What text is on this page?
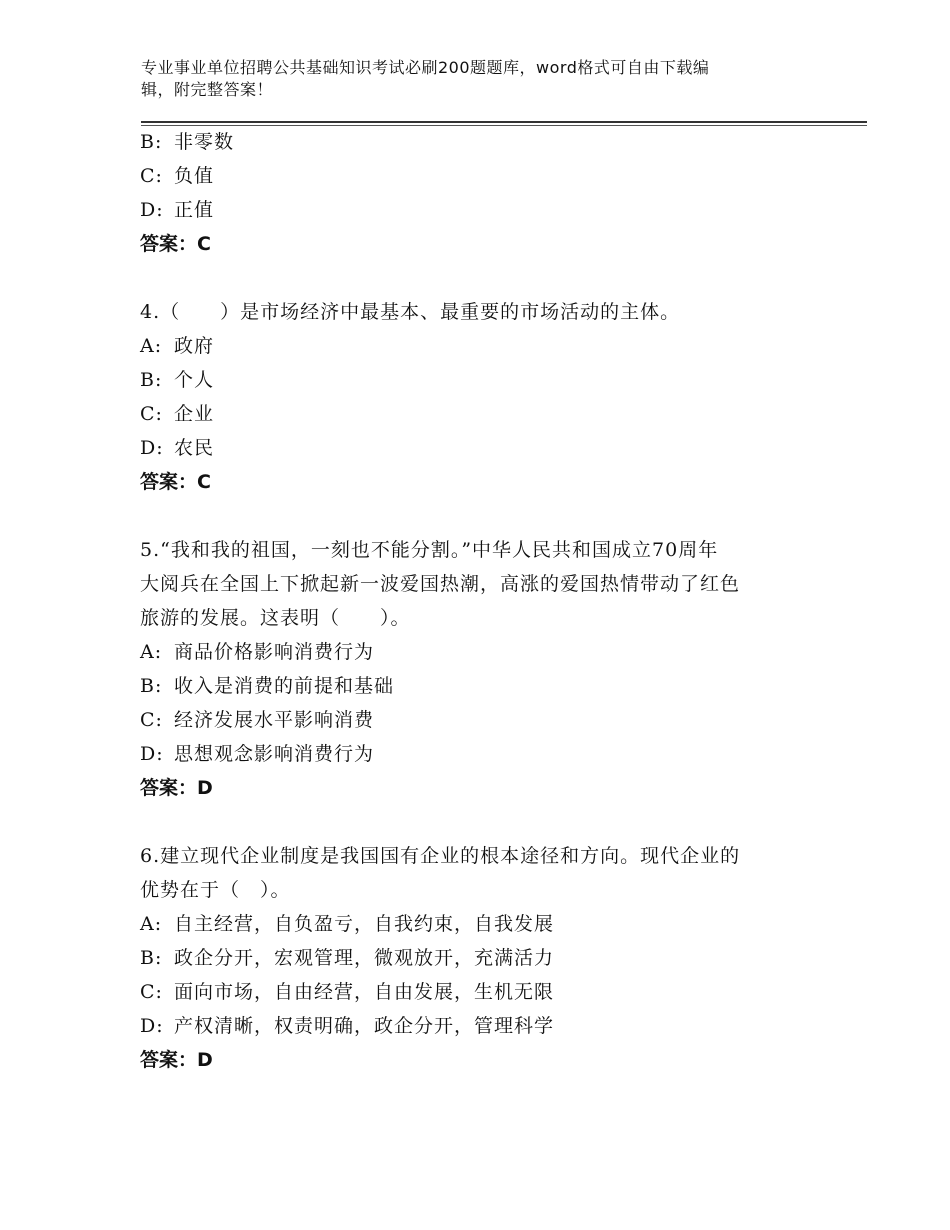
专业事业单位招聘公共基础知识考试必刷200题题库，word格式可自由下载编
辑，附完整答案！
B: 非零数
C: 负值
D: 正值
答案：C
4.（　　）是市场经济中最基本、最重要的市场活动的主体。
A: 政府
B: 个人
C: 企业
D: 农民
答案：C
5.“我和我的祖国，一刻也不能分割。”中华人民共和国成立70周年
大阅兵在全国上下掀起新一波爱国热潮，高涨的爱国热情带动了红色
旅游的发展。这表明（　　）。
A: 商品价格影响消费行为
B: 收入是消费的前提和基础
C: 经济发展水平影响消费
D: 思想观念影响消费行为
答案：D
6.建立现代企业制度是我国国有企业的根本途径和方向。现代企业的
优势在于（　）。
A: 自主经营，自负盈亏，自我约束，自我发展
B: 政企分开，宏观管理，微观放开，充满活力
C: 面向市场，自由经营，自由发展，生机无限
D: 产权清晰，权责明确，政企分开，管理科学
答案：D
